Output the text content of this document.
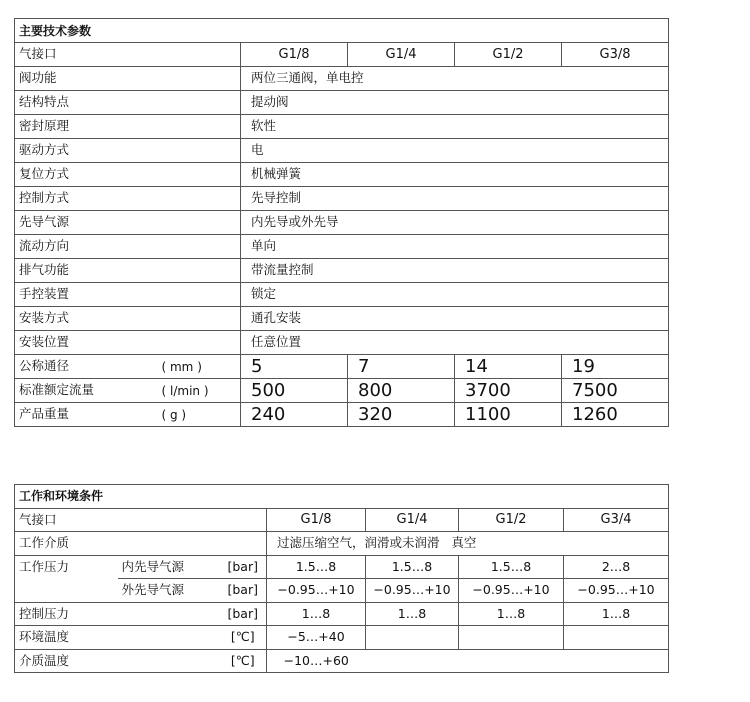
主要技术参数					
气接口		G1/8	G1/4	G1/2	G3/8
阀功能		两位三通阀，单电控			
结构特点		提动阀			
密封原理		软性			
驱动方式		电			
复位方式		机械弹簧			
控制方式		先导控制			
先导气源		内先导或外先导			
流动方向		单向			
排气功能		带流量控制			
手控装置		锁定			
安装方式		通孔安装			
安装位置		任意位置			
公称通径	( mm )	5	7	14	19
标准额定流量	( l/min )	500	800	3700	7500
产品重量	( g )	240	320	1100	1260
工作和环境条件						
气接口			G1/8	G1/4	G1/2	G3/4
工作介质			过滤压缩空气，润滑或未润滑   真空			
工作压力	内先导气源	[bar]	1.5…8	1.5…8	1.5…8	2…8
	外先导气源	[bar]	−0.95…+10	−0.95…+10	−0.95…+10	−0.95…+10
控制压力		[bar]	1…8	1…8	1…8	1…8
环境温度		[℃]	−5…+40			
介质温度		[℃]	−10…+60			
